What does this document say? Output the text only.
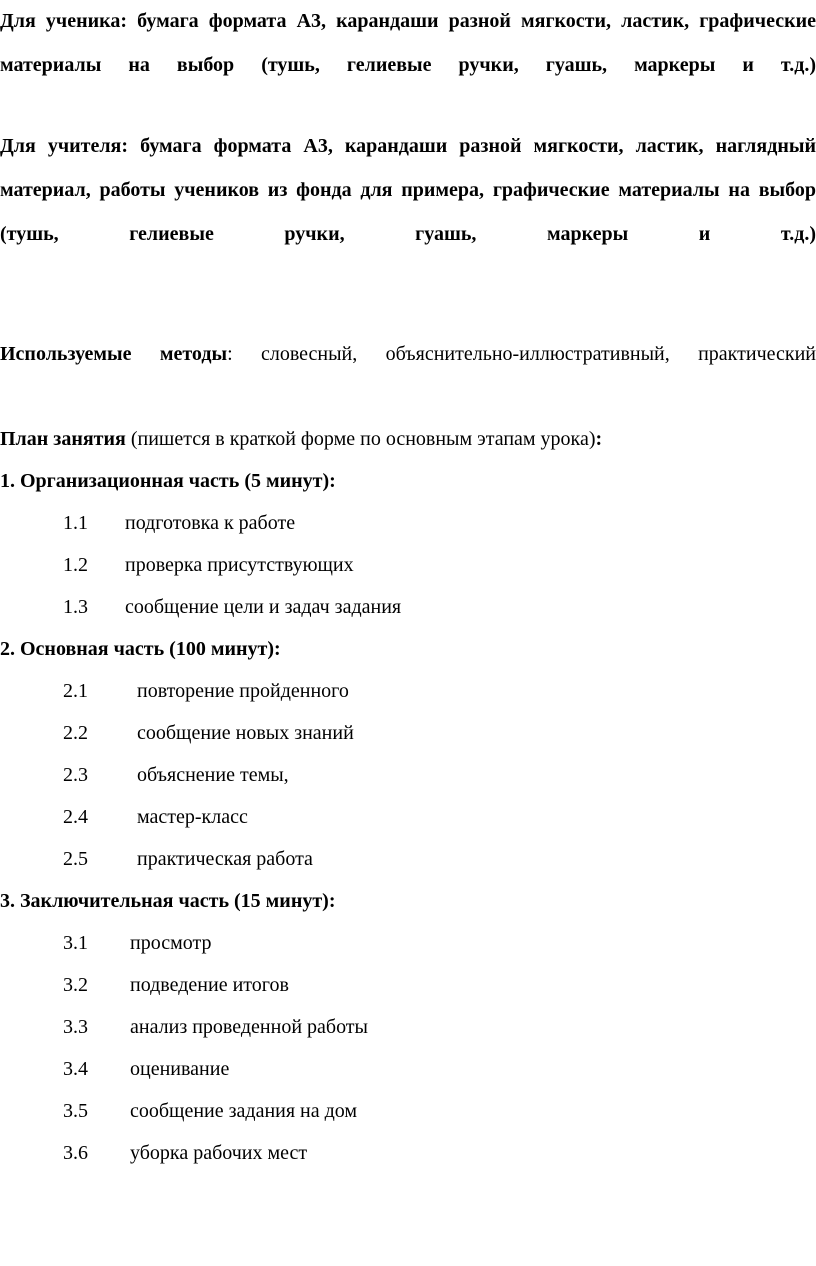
Для ученика: бумага формата А3, карандаши разной мягкости, ластик, графические материалы на выбор (тушь, гелиевые ручки, гуашь, маркеры и т.д.)

Для учителя: бумага формата А3, карандаши разной мягкости, ластик, наглядный материал, работы учеников из фонда для примера, графические материалы на выбор (тушь, гелиевые ручки, гуашь, маркеры и т.д.)

Используемые методы: словесный, объяснительно-иллюстративный, практический

План занятия (пишется в краткой форме по основным этапам урока):
1. Организационная часть (5 минут):
1.1 подготовка к работе
1.2 проверка присутствующих
1.3 сообщение цели и задач задания
2. Основная часть (100 минут):
2.1 повторение пройденного
2.2 сообщение новых знаний
2.3 объяснение темы,
2.4 мастер-класс
2.5 практическая работа
3. Заключительная часть (15 минут):
3.1 просмотр
3.2 подведение итогов
3.3 анализ проведенной работы
3.4 оценивание
3.5 сообщение задания на дом
3.6 уборка рабочих мест
